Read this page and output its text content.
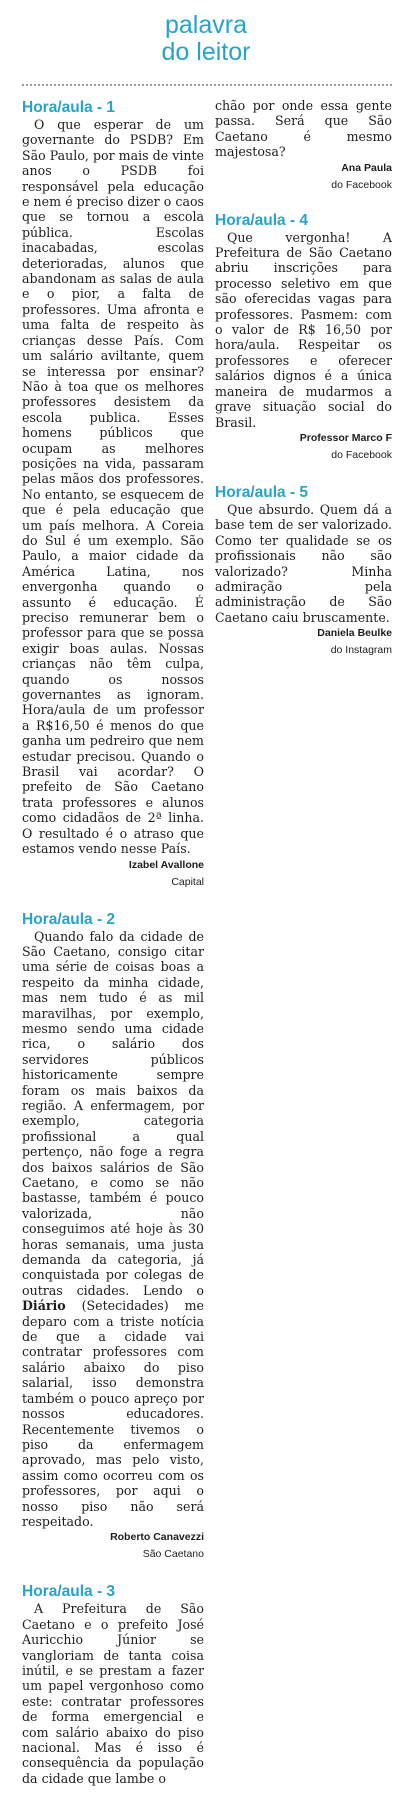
palavra
do leitor
Hora/aula - 1

O que esperar de um governante do PSDB? Em São Paulo, por mais de vinte anos o PSDB foi responsável pela educação e nem é preciso dizer o caos que se tornou a escola pública. Escolas inacabadas, escolas deterioradas, alunos que abandonam as salas de aula e o pior, a falta de professores. Uma afronta e uma falta de respeito às crianças desse País. Com um salário aviltante, quem se interessa por ensinar? Não à toa que os melhores professores desistem da escola publica. Esses homens públicos que ocupam as melhores posições na vida, passaram pelas mãos dos professores. No entanto, se esquecem de que é pela educação que um país melhora. A Coreia do Sul é um exemplo. São Paulo, a maior cidade da América Latina, nos envergonha quando o assunto é educação. É preciso remunerar bem o professor para que se possa exigir boas aulas. Nossas crianças não têm culpa, quando os nossos governantes as ignoram. Hora/aula de um professor a R$16,50 é menos do que ganha um pedreiro que nem estudar precisou. Quando o Brasil vai acordar? O prefeito de São Caetano trata professores e alunos como cidadãos de 2ª linha. O resultado é o atraso que estamos vendo nesse País.

Izabel Avallone
Capital
Hora/aula - 2

Quando falo da cidade de São Caetano, consigo citar uma série de coisas boas a respeito da minha cidade, mas nem tudo é as mil maravilhas, por exemplo, mesmo sendo uma cidade rica, o salário dos servidores públicos historicamente sempre foram os mais baixos da região. A enfermagem, por exemplo, categoria profissional a qual pertenço, não foge a regra dos baixos salários de São Caetano, e como se não bastasse, também é pouco valorizada, não conseguimos até hoje às 30 horas semanais, uma justa demanda da categoria, já conquistada por colegas de outras cidades. Lendo o Diário (Setecidades) me deparo com a triste notícia de que a cidade vai contratar professores com salário abaixo do piso salarial, isso demonstra também o pouco apreço por nossos educadores. Recentemente tivemos o piso da enfermagem aprovado, mas pelo visto, assim como ocorreu com os professores, por aqui o nosso piso não será respeitado.

Roberto Canavezzi
São Caetano
Hora/aula - 3

A Prefeitura de São Caetano e o prefeito José Auricchio Júnior se vangloriam de tanta coisa inútil, e se prestam a fazer um papel vergonhoso como este: contratar professores de forma emergencial e com salário abaixo do piso nacional. Mas é isso é consequência da população da cidade que lambe o

chão por onde essa gente passa. Será que São Caetano é mesmo majestosa?

Ana Paula
do Facebook
Hora/aula - 4

Que vergonha! A Prefeitura de São Caetano abriu inscrições para processo seletivo em que são oferecidas vagas para professores. Pasmem: com o valor de R$ 16,50 por hora/aula. Respeitar os professores e oferecer salários dignos é a única maneira de mudarmos a grave situação social do Brasil.

Professor Marco F
do Facebook
Hora/aula - 5

Que absurdo. Quem dá a base tem de ser valorizado. Como ter qualidade se os profissionais não são valorizado? Minha admiração pela administração de São Caetano caiu bruscamente.

Daniela Beulke
do Instagram
